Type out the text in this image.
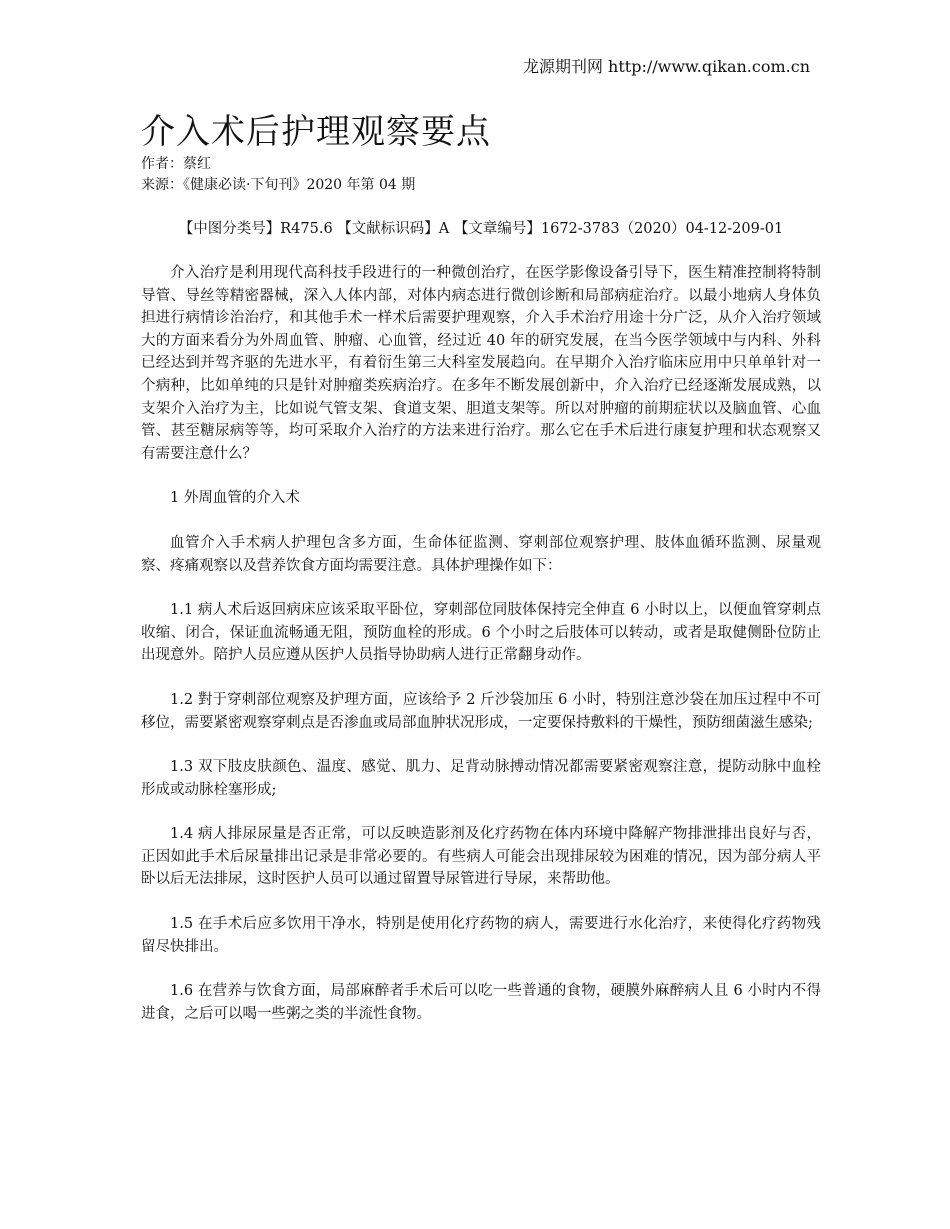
龙源期刊网 http://www.qikan.com.cn
介入术后护理观察要点
作者：蔡红
来源：《健康必读·下旬刊》2020 年第 04 期
【中图分类号】R475.6 【文献标识码】A 【文章编号】1672-3783（2020）04-12-209-01

介入治疗是利用现代高科技手段进行的一种微创治疗，在医学影像设备引导下，医生精准控制将特制导管、导丝等精密器械，深入人体内部，对体内病态进行微创诊断和局部病症治疗。以最小地病人身体负担进行病情诊治治疗，和其他手术一样术后需要护理观察，介入手术治疗用途十分广泛，从介入治疗领域大的方面来看分为外周血管、肿瘤、心血管，经过近 40 年的研究发展，在当今医学领域中与内科、外科已经达到并驾齐驱的先进水平，有着衍生第三大科室发展趋向。在早期介入治疗临床应用中只单单针对一个病种，比如单纯的只是针对肿瘤类疾病治疗。在多年不断发展创新中，介入治疗已经逐渐发展成熟，以支架介入治疗为主，比如说气管支架、食道支架、胆道支架等。所以对肿瘤的前期症状以及脑血管、心血管、甚至糖尿病等等，均可采取介入治疗的方法来进行治疗。那么它在手术后进行康复护理和状态观察又有需要注意什么？

1 外周血管的介入术

血管介入手术病人护理包含多方面，生命体征监测、穿刺部位观察护理、肢体血循环监测、尿量观察、疼痛观察以及营养饮食方面均需要注意。具体护理操作如下：

1.1 病人术后返回病床应该采取平卧位，穿刺部位同肢体保持完全伸直 6 小时以上，以便血管穿刺点收缩、闭合，保证血流畅通无阻，预防血栓的形成。6 个小时之后肢体可以转动，或者是取健侧卧位防止出现意外。陪护人员应遵从医护人员指导协助病人进行正常翻身动作。

1.2 對于穿刺部位观察及护理方面，应该给予 2 斤沙袋加压 6 小时，特别注意沙袋在加压过程中不可移位，需要紧密观察穿刺点是否渗血或局部血肿状况形成，一定要保持敷料的干燥性，预防细菌滋生感染;

1.3 双下肢皮肤颜色、温度、感觉、肌力、足背动脉搏动情况都需要紧密观察注意，提防动脉中血栓形成或动脉栓塞形成;

1.4 病人排尿尿量是否正常，可以反映造影剂及化疗药物在体内环境中降解产物排泄排出良好与否，正因如此手术后尿量排出记录是非常必要的。有些病人可能会出现排尿较为困难的情况，因为部分病人平卧以后无法排尿，这时医护人员可以通过留置导尿管进行导尿，来帮助他。

1.5 在手术后应多饮用干净水，特别是使用化疗药物的病人，需要进行水化治疗，来使得化疗药物残留尽快排出。

1.6 在营养与饮食方面，局部麻醉者手术后可以吃一些普通的食物，硬膜外麻醉病人且 6 小时内不得进食，之后可以喝一些粥之类的半流性食物。
